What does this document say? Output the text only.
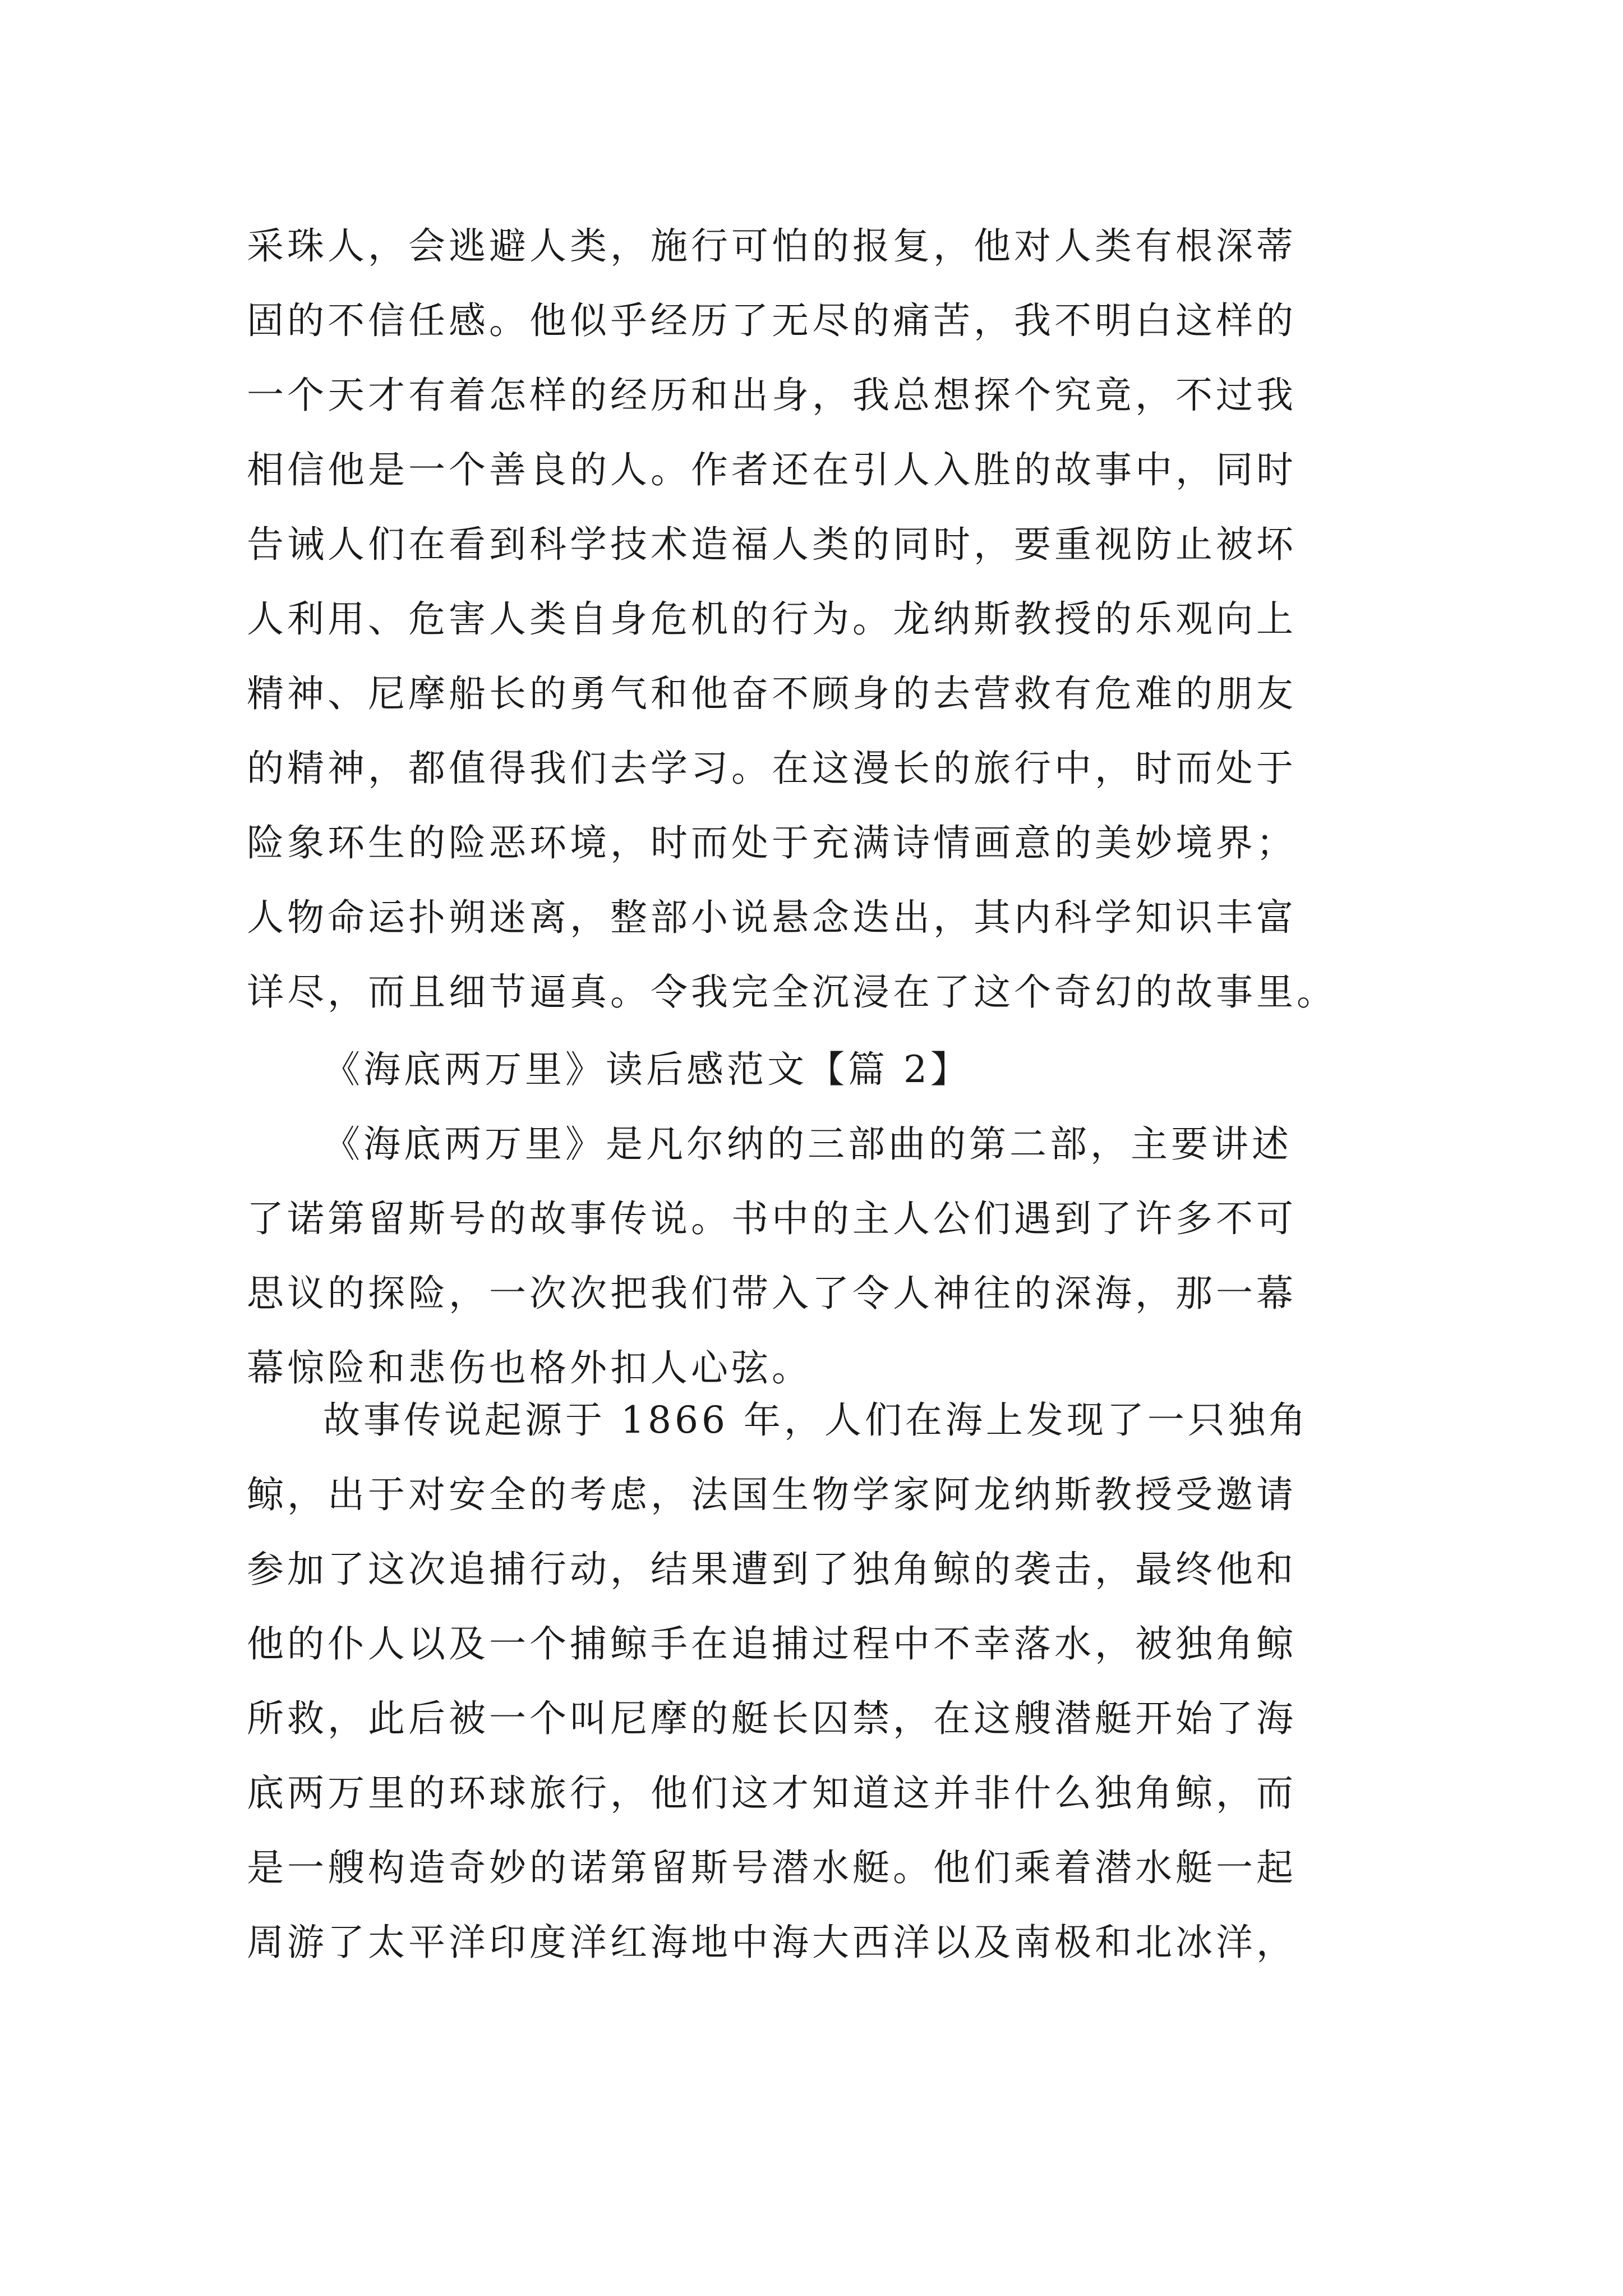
采珠人，会逃避人类，施行可怕的报复，他对人类有根深蒂
固的不信任感。他似乎经历了无尽的痛苦，我不明白这样的
一个天才有着怎样的经历和出身，我总想探个究竟，不过我
相信他是一个善良的人。作者还在引人入胜的故事中，同时
告诫人们在看到科学技术造福人类的同时，要重视防止被坏
人利用、危害人类自身危机的行为。龙纳斯教授的乐观向上
精神、尼摩船长的勇气和他奋不顾身的去营救有危难的朋友
的精神，都值得我们去学习。在这漫长的旅行中，时而处于
险象环生的险恶环境，时而处于充满诗情画意的美妙境界；
人物命运扑朔迷离，整部小说悬念迭出，其内科学知识丰富
详尽，而且细节逼真。令我完全沉浸在了这个奇幻的故事里。
《海底两万里》读后感范文【篇 2】
《海底两万里》是凡尔纳的三部曲的第二部，主要讲述
了诺第留斯号的故事传说。书中的主人公们遇到了许多不可
思议的探险，一次次把我们带入了令人神往的深海，那一幕
幕惊险和悲伤也格外扣人心弦。
故事传说起源于 1866 年，人们在海上发现了一只独角
鲸，出于对安全的考虑，法国生物学家阿龙纳斯教授受邀请
参加了这次追捕行动，结果遭到了独角鲸的袭击，最终他和
他的仆人以及一个捕鲸手在追捕过程中不幸落水，被独角鲸
所救，此后被一个叫尼摩的艇长囚禁，在这艘潜艇开始了海
底两万里的环球旅行，他们这才知道这并非什么独角鲸，而
是一艘构造奇妙的诺第留斯号潜水艇。他们乘着潜水艇一起
周游了太平洋印度洋红海地中海大西洋以及南极和北冰洋，
